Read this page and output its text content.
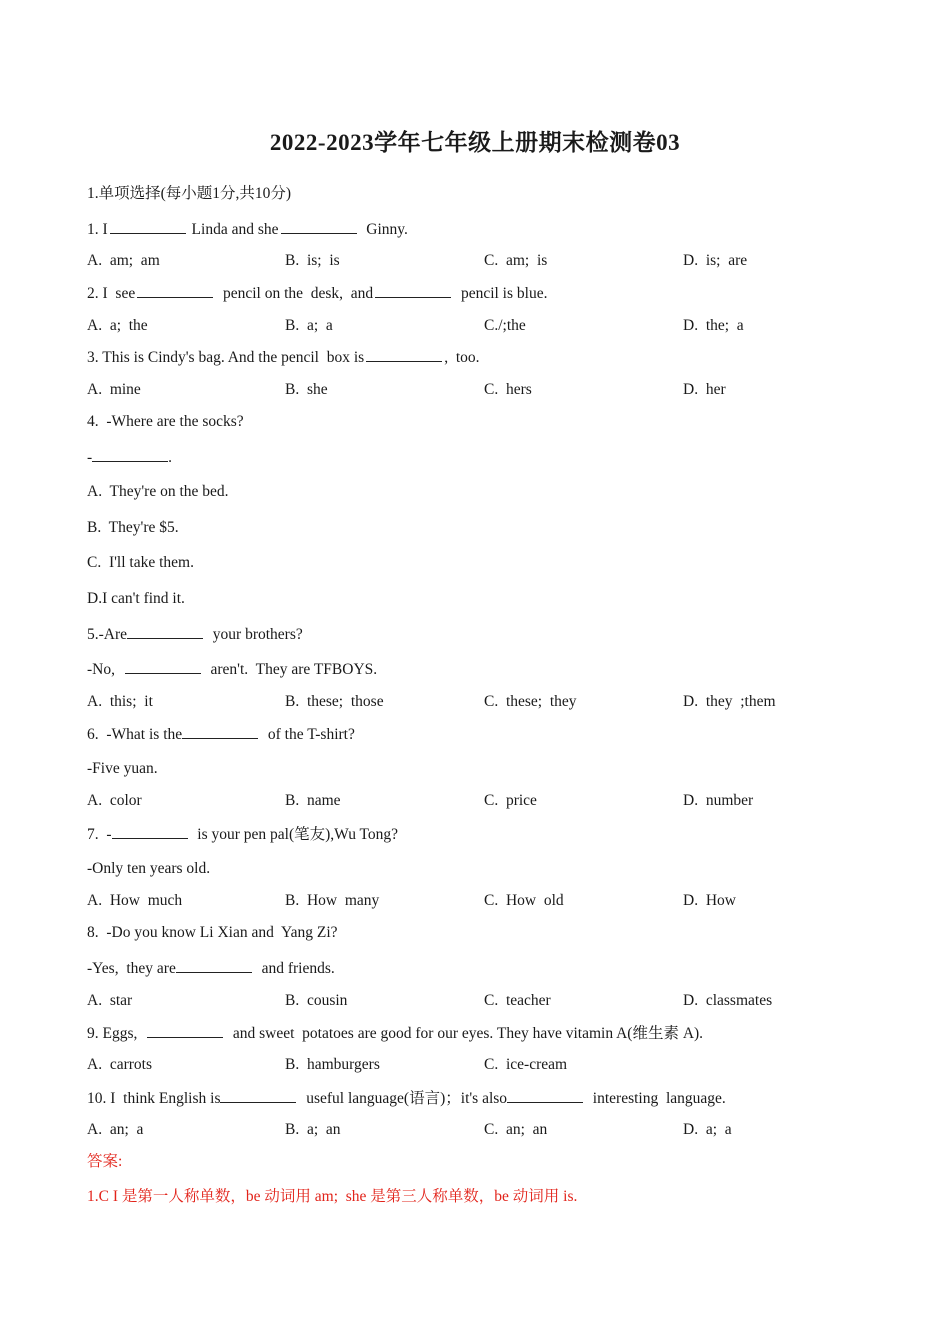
2022-2023学年七年级上册期末检测卷03
1.单项选择(每小题1分,共10分)
1. I	Linda and she	Ginny.
A.  am;  am	B.  is;  is	C.  am;  is	D.  is;  are
2. I  see	pencil on the  desk,  and	pencil is blue.
A.  a;  the	B.  a;  a	C./;the	D.  the;  a
3. This is Cindy's bag. And the pencil  box is	,  too.
A.  mine	B.  she	C.  hers	D.  her
4.  -Where are the socks?
-	.
A.  They're on the bed.
B.  They're $5.
C.  I'll take them.
D.I can't find it.
5.-Are	your brothers?
-No,	aren't.  They are TFBOYS.
A.  this;  it	B.  these;  those	C.  these;  they	D.  they  ;them
6.  -What is the	of the T-shirt?
-Five yuan.
A.  color	B.  name	C.  price	D.  number
7.  -	is your pen pal(笔友),Wu Tong?
-Only ten years old.
A.  How  much	B.  How  many	C.  How  old	D.  How
8.  -Do you know Li Xian and  Yang Zi?
-Yes,  they are	and friends.
A.  star	B.  cousin	C.  teacher	D.  classmates
9. Eggs,	and sweet  potatoes are good for our eyes. They have vitamin A(维生素 A).
A.  carrots	B.  hamburgers	C.  ice-cream
10. I  think English is	useful language(语言)；it's also	interesting  language.
A.  an;  a	B.  a;  an	C.  an;  an	D.  a;  a
答案:
1.C I 是第一人称单数，be 动词用 am;  she 是第三人称单数，be 动词用 is.
